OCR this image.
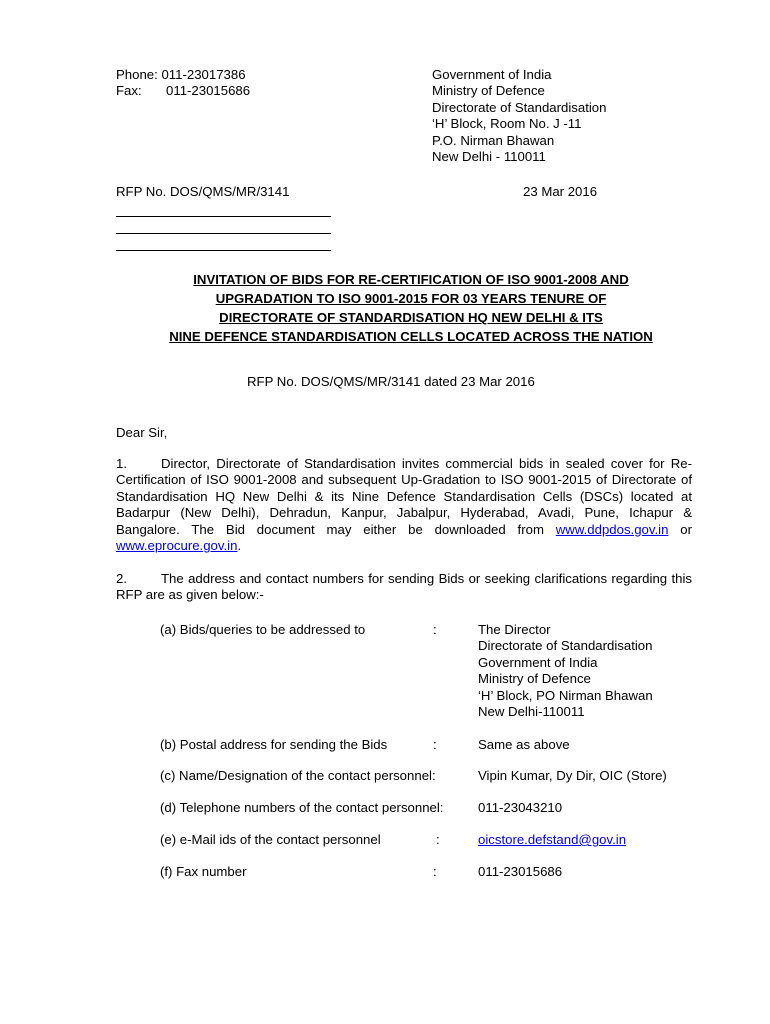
Phone: 011-23017386
Fax: 011-23015686
Government of India
Ministry of Defence
Directorate of Standardisation
‘H’ Block, Room No. J -11
P.O. Nirman Bhawan
New Delhi - 110011
RFP No. DOS/QMS/MR/3141	23 Mar 2016
INVITATION OF BIDS FOR RE-CERTIFICATION OF ISO 9001-2008 AND
UPGRADATION TO ISO 9001-2015 FOR 03 YEARS TENURE OF
DIRECTORATE OF STANDARDISATION HQ NEW DELHI & ITS
NINE DEFENCE STANDARDISATION CELLS LOCATED ACROSS THE NATION
RFP No. DOS/QMS/MR/3141 dated 23 Mar 2016
Dear Sir,
1.	Director, Directorate of Standardisation invites commercial bids in sealed cover for Re-Certification of ISO 9001-2008 and subsequent Up-Gradation to ISO 9001-2015 of Directorate of Standardisation HQ New Delhi & its Nine Defence Standardisation Cells (DSCs) located at Badarpur (New Delhi), Dehradun, Kanpur, Jabalpur, Hyderabad, Avadi, Pune, Ichapur & Bangalore. The Bid document may either be downloaded from www.ddpdos.gov.in or www.eprocure.gov.in.
2.	The address and contact numbers for sending Bids or seeking clarifications regarding this RFP are as given below:-
(a) Bids/queries to be addressed to	:	The Director
Directorate of Standardisation
Government of India
Ministry of Defence
‘H’ Block, PO Nirman Bhawan
New Delhi-110011
(b) Postal address for sending the Bids	:	Same as above
(c) Name/Designation of the contact personnel:	Vipin Kumar, Dy Dir, OIC (Store)
(d) Telephone numbers of the contact personnel:	011-23043210
(e) e-Mail ids of the contact personnel	:	oicstore.defstand@gov.in
(f) Fax number	:	011-23015686
